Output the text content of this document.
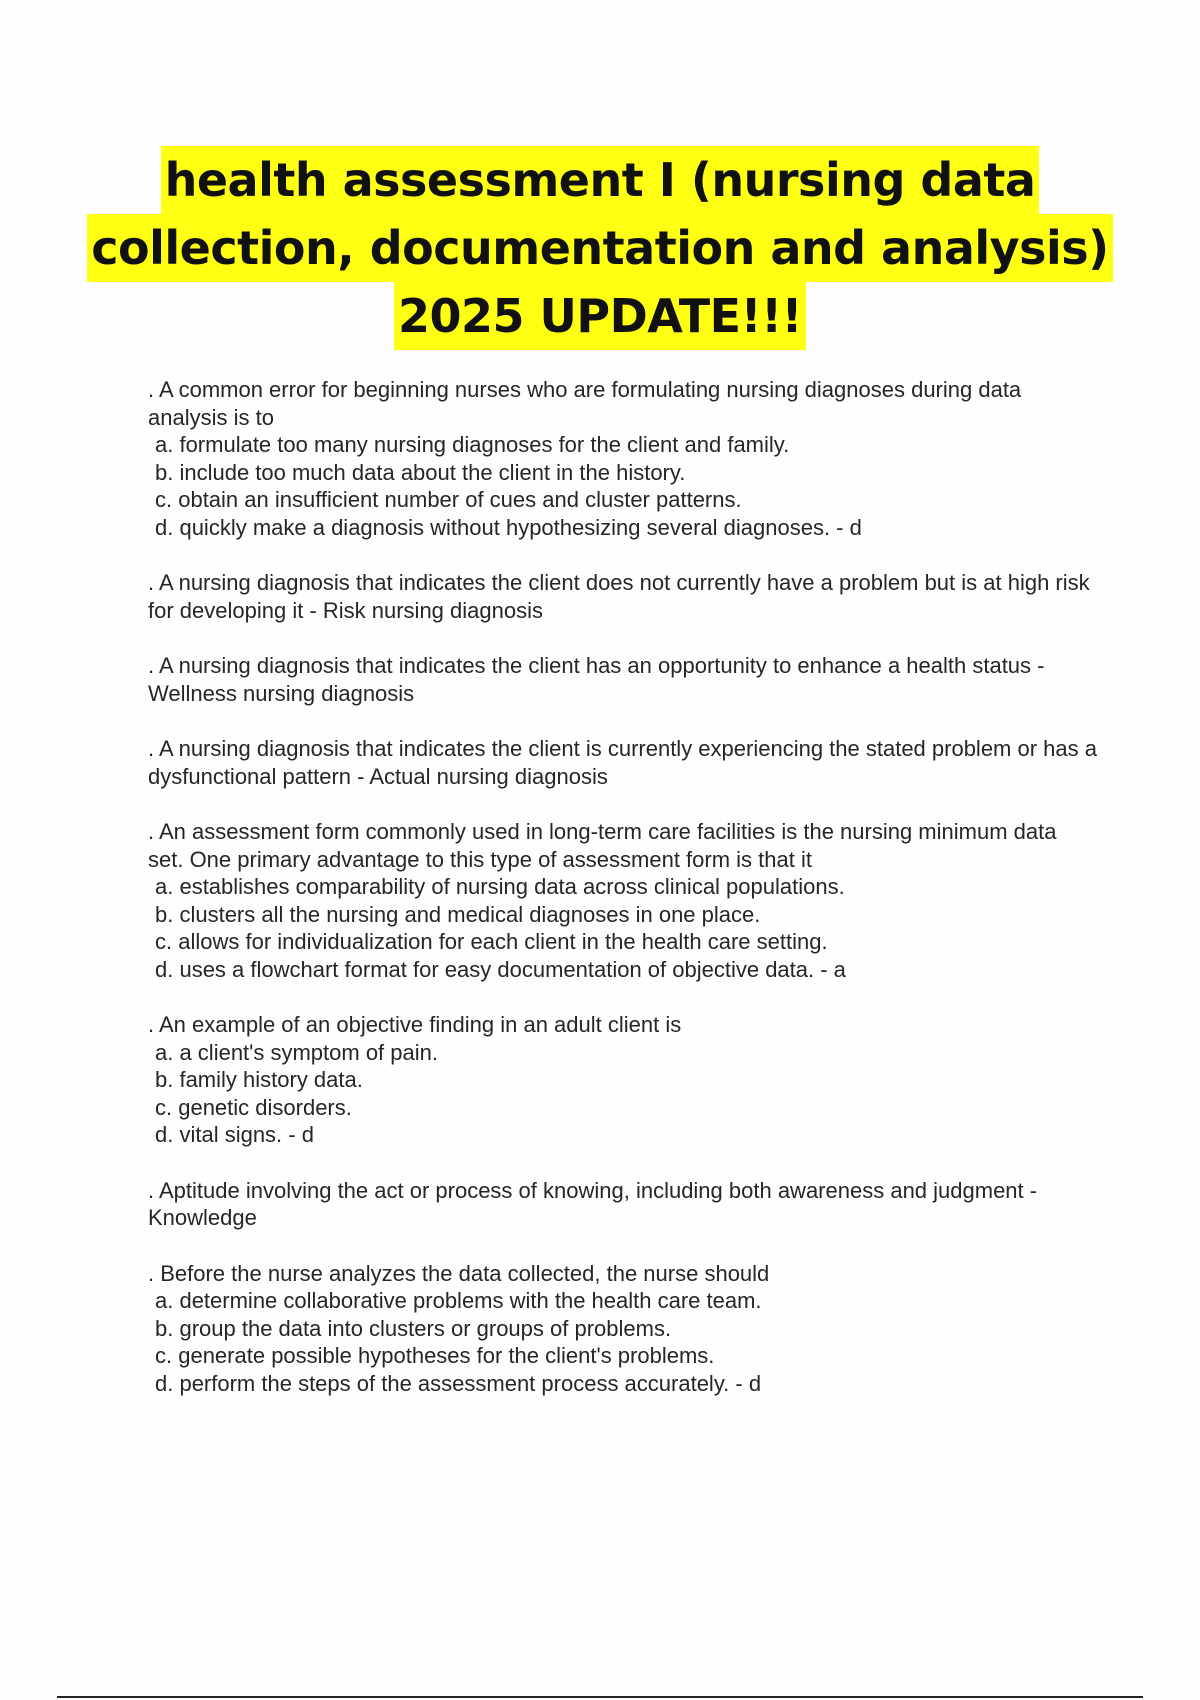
health assessment I (nursing data
collection, documentation and analysis)
2025 UPDATE!!!

. A common error for beginning nurses who are formulating nursing diagnoses during data analysis is to

a. formulate too many nursing diagnoses for the client and family.

b. include too much data about the client in the history.

c. obtain an insufficient number of cues and cluster patterns.

d. quickly make a diagnosis without hypothesizing several diagnoses. - d

. A nursing diagnosis that indicates the client does not currently have a problem but is at high risk for developing it - Risk nursing diagnosis

. A nursing diagnosis that indicates the client has an opportunity to enhance a health status - Wellness nursing diagnosis

. A nursing diagnosis that indicates the client is currently experiencing the stated problem or has a dysfunctional pattern - Actual nursing diagnosis

. An assessment form commonly used in long-term care facilities is the nursing minimum data set. One primary advantage to this type of assessment form is that it

a. establishes comparability of nursing data across clinical populations.

b. clusters all the nursing and medical diagnoses in one place.

c. allows for individualization for each client in the health care setting.

d. uses a flowchart format for easy documentation of objective data. - a

. An example of an objective finding in an adult client is

a. a client's symptom of pain.

b. family history data.

c. genetic disorders.

d. vital signs. - d

. Aptitude involving the act or process of knowing, including both awareness and judgment - Knowledge

. Before the nurse analyzes the data collected, the nurse should

a. determine collaborative problems with the health care team.

b. group the data into clusters or groups of problems.

c. generate possible hypotheses for the client's problems.

d. perform the steps of the assessment process accurately. - d
